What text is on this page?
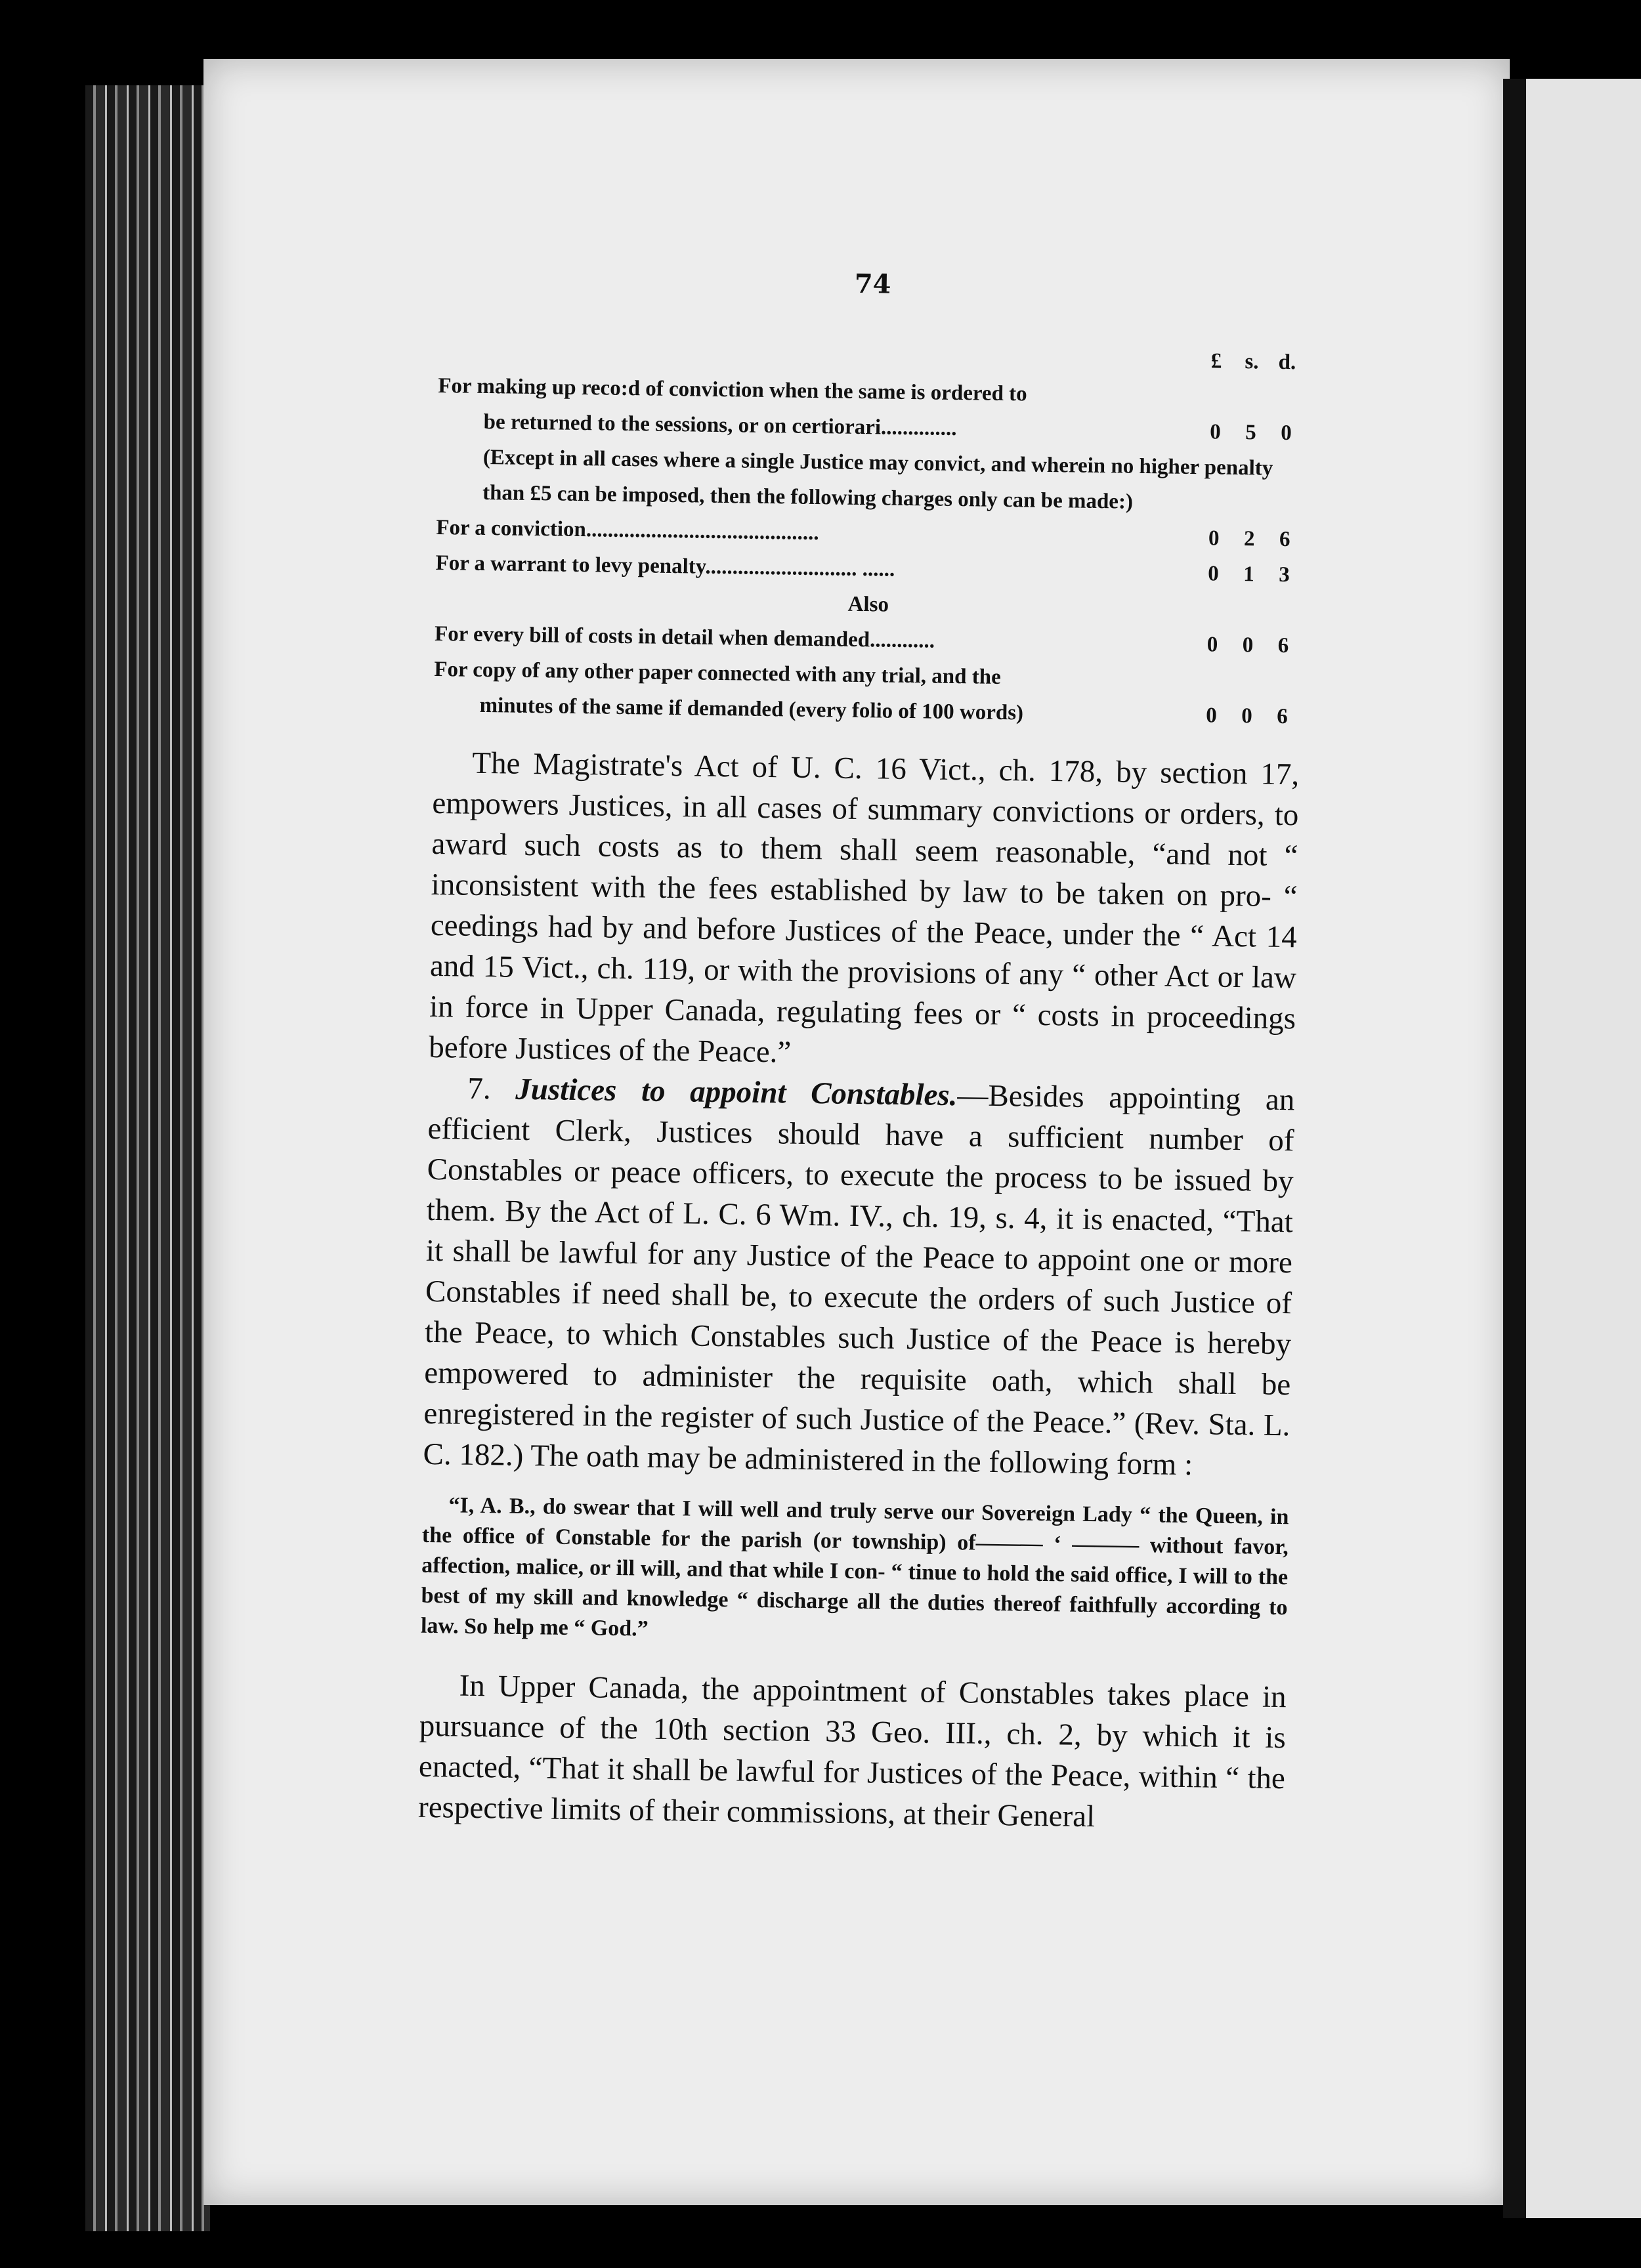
74
£ s. d.
For making up reco:d of conviction when the same is ordered to
be returned to the sessions, or on certiorari..............	0	5	0
(Except in all cases where a single Justice may convict, and wherein no higher penalty than £5 can be imposed, then the following charges only can be made:)
For a conviction...........................................	0	2	6
For a warrant to levy penalty............................ ......	0	1	3
Also
For every bill of costs in detail when demanded............	0	0	6
For copy of any other paper connected with any trial, and the
minutes of the same if demanded (every folio of 100 words)	0	0	6

The Magistrate's Act of U. C. 16 Vict., ch. 178, by section 17, empowers Justices, in all cases of summary convictions or orders, to award such costs as to them shall seem reasonable, “and not “ inconsistent with the fees established by law to be taken on pro- “ ceedings had by and before Justices of the Peace, under the “ Act 14 and 15 Vict., ch. 119, or with the provisions of any “ other Act or law in force in Upper Canada, regulating fees or “ costs in proceedings before Justices of the Peace.”

7. Justices to appoint Constables.—Besides appointing an efficient Clerk, Justices should have a sufficient number of Constables or peace officers, to execute the process to be issued by them. By the Act of L. C. 6 Wm. IV., ch. 19, s. 4, it is enacted, “That it shall be lawful for any Justice of the Peace to appoint one or more Constables if need shall be, to execute the orders of such Justice of the Peace, to which Constables such Justice of the Peace is hereby empowered to administer the requisite oath, which shall be enregistered in the register of such Justice of the Peace.” (Rev. Sta. L. C. 182.) The oath may be administered in the following form :

“I, A. B., do swear that I will well and truly serve our Sovereign Lady “ the Queen, in the office of Constable for the parish (or township) of——— ‘ ——— without favor, affection, malice, or ill will, and that while I con- “ tinue to hold the said office, I will to the best of my skill and knowledge “ discharge all the duties thereof faithfully according to law. So help me “ God.”

In Upper Canada, the appointment of Constables takes place in pursuance of the 10th section 33 Geo. III., ch. 2, by which it is enacted, “That it shall be lawful for Justices of the Peace, within “ the respective limits of their commissions, at their General
